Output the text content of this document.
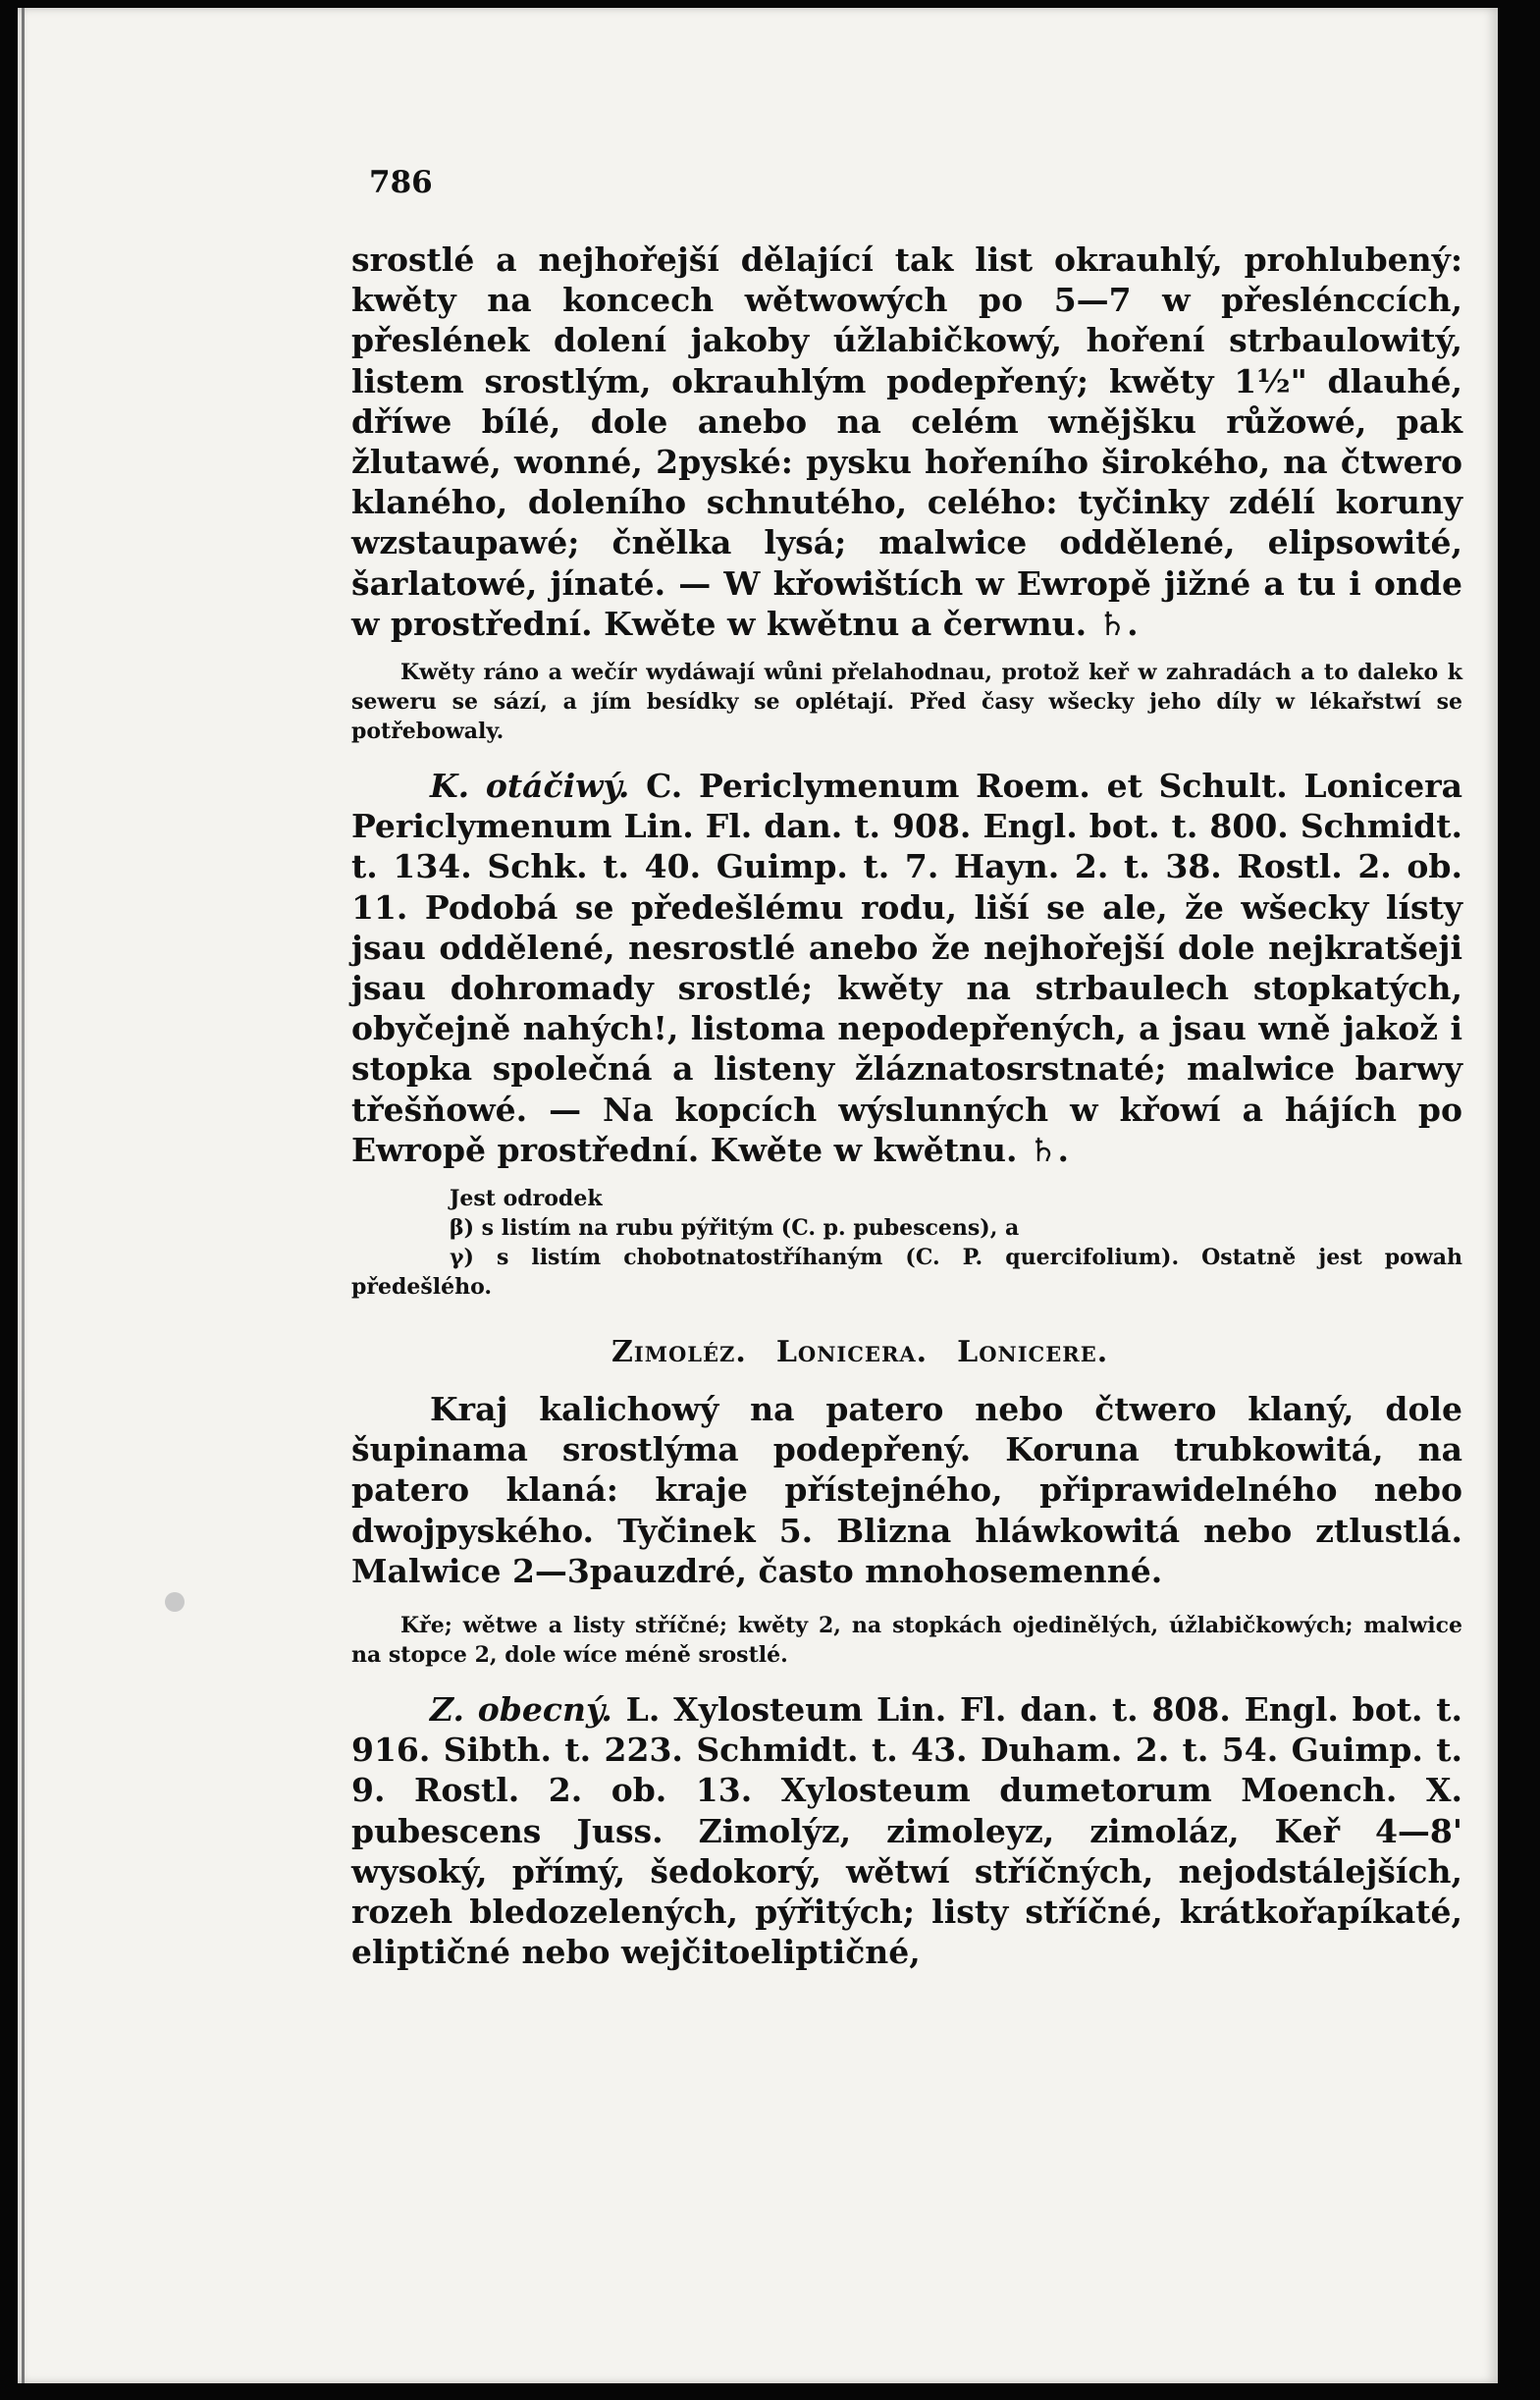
786

srostlé a nejhořejší dělající tak list okrauhlý, prohlubený: kwěty na koncech wětwowých po 5—7 w přeslénccích, přeslének dolení jakoby úžlabičkowý, hoření strbaulowitý, listem srostlým, okrauhlým podepřený; kwěty 1½" dlauhé, dříwe bílé, dole anebo na celém wnějšku růžowé, pak žlutawé, wonné, 2pyské: pysku hořeního širokého, na čtwero klaného, doleního schnutého, celého: tyčinky zdélí koruny wzstaupawé; čnělka lysá; malwice oddělené, elipsowité, šarlatowé, jínaté. — W křowištích w Ewropě jižné a tu i onde w prostřední. Kwěte w kwětnu a čerwnu. ♄.

Kwěty ráno a wečír wydáwají wůni přelahodnau, protož keř w zahradách a to daleko k seweru se sází, a jím besídky se oplétají. Před časy wšecky jeho díly w lékařstwí se potřebowaly.

K. otáčiwý. C. Periclymenum Roem. et Schult. Lonicera Periclymenum Lin. Fl. dan. t. 908. Engl. bot. t. 800. Schmidt. t. 134. Schk. t. 40. Guimp. t. 7. Hayn. 2. t. 38. Rostl. 2. ob. 11. Podobá se předešlému rodu, liší se ale, že wšecky lísty jsau oddělené, nesrostlé anebo že nejhořejší dole nejkratšeji jsau dohromady srostlé; kwěty na strbaulech stopkatých, obyčejně nahých!, listoma nepodepřených, a jsau wně jakož i stopka společná a listeny žláznatosrstnaté; malwice barwy třešňowé. — Na kopcích wýslunných w křowí a hájích po Ewropě prostřední. Kwěte w kwětnu. ♄.

Jest odrodek
β) s listím na rubu pýřitým (C. p. pubescens), a
γ) s listím chobotnatostříhaným (C. P. quercifolium). Ostatně jest powah předešlého.

Zimoléz. Lonicera. Lonicere.

Kraj kalichowý na patero nebo čtwero klaný, dole šupinama srostlýma podepřený. Koruna trubkowitá, na patero klaná: kraje přístejného, připrawidelného nebo dwojpyského. Tyčinek 5. Blizna hláwkowitá nebo ztlustlá. Malwice 2—3pauzdré, často mnohosemenné.

Kře; wětwe a listy stříčné; kwěty 2, na stopkách ojedinělých, úžlabičkowých; malwice na stopce 2, dole wíce méně srostlé.

Z. obecný. L. Xylosteum Lin. Fl. dan. t. 808. Engl. bot. t. 916. Sibth. t. 223. Schmidt. t. 43. Duham. 2. t. 54. Guimp. t. 9. Rostl. 2. ob. 13. Xylosteum dumetorum Moench. X. pubescens Juss. Zimolýz, zimoleyz, zimoláz, Keř 4—8' wysoký, přímý, šedokorý, wětwí stříčných, nejodstálejších, rozeh bledozelených, pýřitých; listy stříčné, krátkořapíkaté, eliptičné nebo wejčitoeliptičné,
